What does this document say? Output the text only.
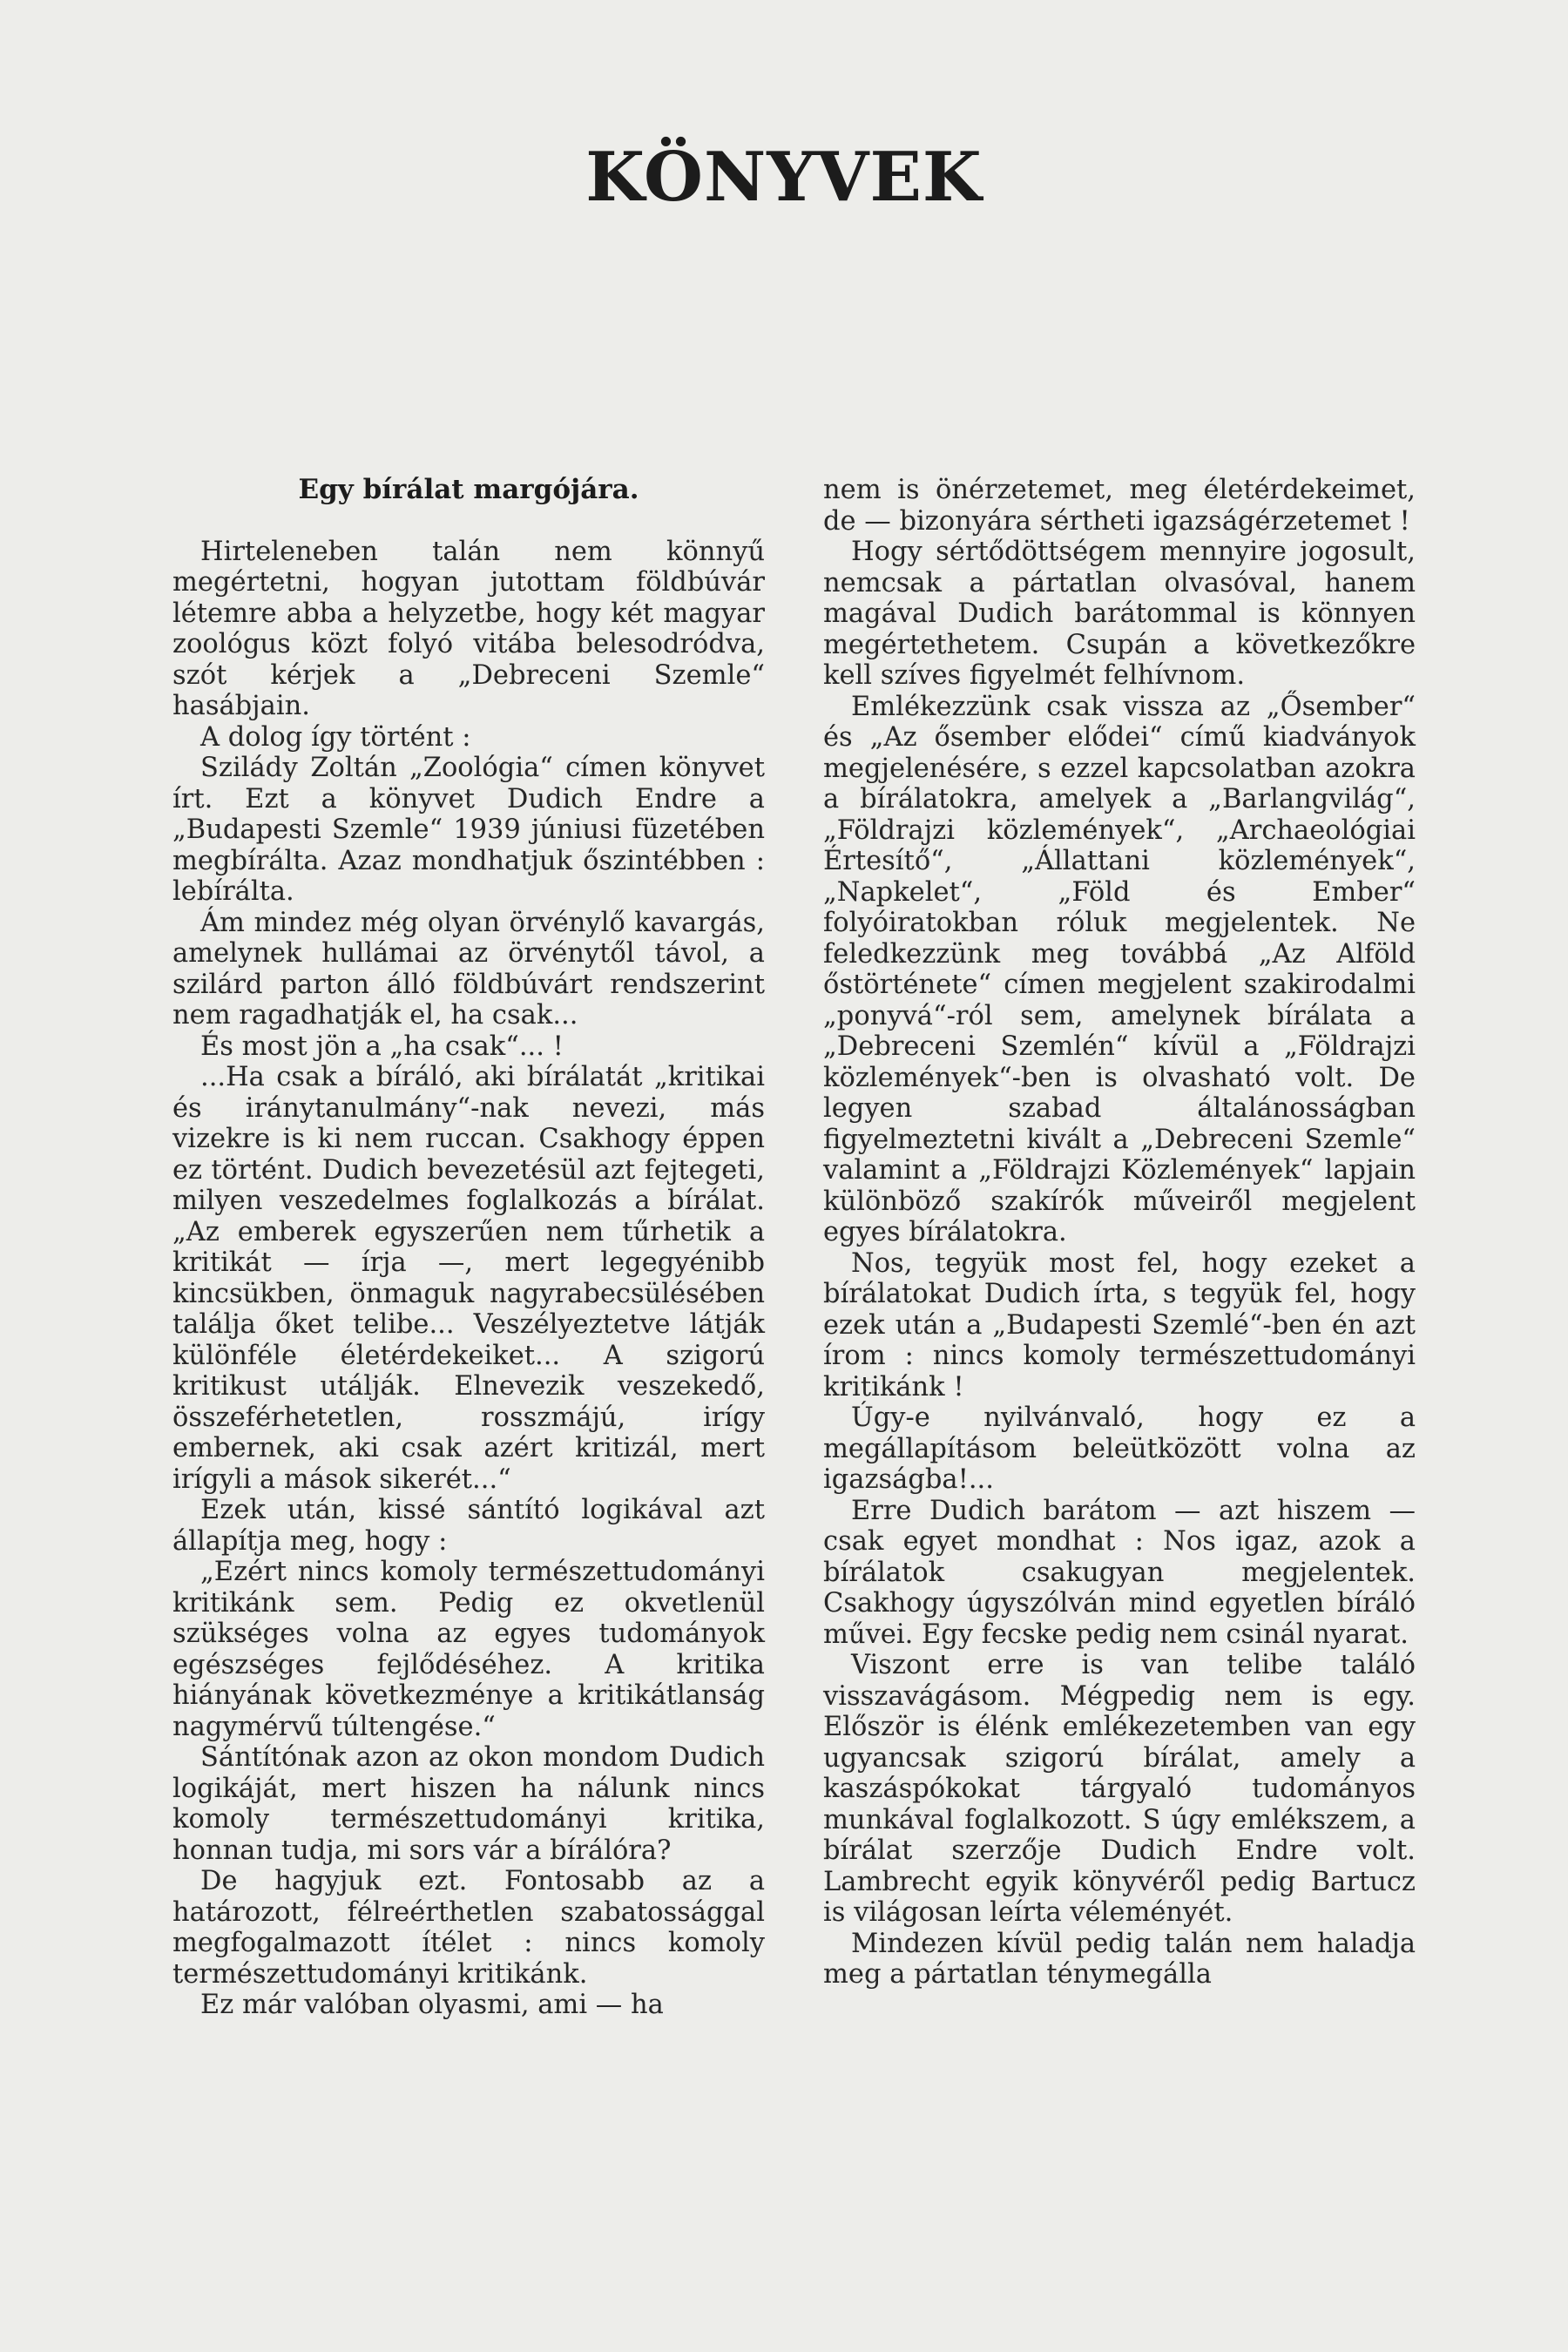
KÖNYVEK
Egy bírálat margójára.

Hirteleneben talán nem könnyű megértetni, hogyan jutottam földbúvár létemre abba a helyzetbe, hogy két magyar zoológus közt folyó vitába belesodródva, szót kérjek a „Debreceni Szemle“ hasábjain.

A dolog így történt :

Sziládу Zoltán „Zoológia“ címen könyvet írt. Ezt a könyvet Dudich Endre a „Budapesti Szemle“ 1939 júniusi füzetében megbírálta. Azaz mondhatjuk őszintébben : lebírálta.

Ám mindez még olyan örvénylő kavargás, amelynek hullámai az örvénytől távol, a szilárd parton álló földbúvárt rendszerint nem ragadhatják el, ha csak...

És most jön a „ha csak“... !

...Ha csak a bíráló, aki bírálatát „kritikai és iránytanulmány“-nak nevezi, más vizekre is ki nem ruccan. Csakhogy éppen ez történt. Dudich bevezetésül azt fejtegeti, milyen veszedelmes foglalkozás a bírálat. „Az emberek egyszerűen nem tűrhetik a kritikát — írja —, mert legegyénibb kincsükben, önmaguk nagyrabecsülésében találja őket telibe... Veszélyeztetve látják különféle életérdekeiket... A szigorú kritikust utálják. Elnevezik veszekedő, összeférhetetlen, rosszmájú, irígy embernek, aki csak azért kritizál, mert irígyli a mások sikerét...“

Ezek után, kissé sántító logikával azt állapítja meg, hogy :

„Ezért nincs komoly természettudományi kritikánk sem. Pedig ez okvetlenül szükséges volna az egyes tudományok egészséges fejlődéséhez. A kritika hiányának következménye a kritikátlanság nagymérvű túltengése.“

Sántítónak azon az okon mondom Dudich logikáját, mert hiszen ha nálunk nincs komoly természettudományi kritika, honnan tudja, mi sors vár a bírálóra?

De hagyjuk ezt. Fontosabb az a határozott, félreérthetlen szabatossággal megfogalmazott ítélet : nincs komoly természettudományi kritikánk.

Ez már valóban olyasmi, ami — ha

nem is önérzetemet, meg életérdekeimet, de — bizonyára sértheti igazságérzetemet !

Hogy sértődöttségem mennyire jogosult, nemcsak a pártatlan olvasóval, hanem magával Dudich barátommal is könnyen megértethetem. Csupán a következőkre kell szíves figyelmét felhívnom.

Emlékezzünk csak vissza az „Ősember“ és „Az ősember elődei“ című kiadványok megjelenésére, s ezzel kapcsolatban azokra a bírálatokra, amelyek a „Barlangvilág“, „Földrajzi közlemények“, „Archaeológiai Értesítő“, „Állattani közlemények“, „Napkelet“, „Föld és Ember“ folyóiratokban róluk megjelentek. Ne feledkezzünk meg továbbá „Az Alföld őstörténete“ címen megjelent szakirodalmi „ponyvá“-ról sem, amelynek bírálata a „Debreceni Szemlén“ kívül a „Földrajzi közlemények“-ben is olvasható volt. De legyen szabad általánosságban figyelmeztetni kivált a „Debreceni Szemle“ valamint a „Földrajzi Közlemények“ lapjain különböző szakírók műveiről megjelent egyes bírálatokra.

Nos, tegyük most fel, hogy ezeket a bírálatokat Dudich írta, s tegyük fel, hogy ezek után a „Budapesti Szemlé“-ben én azt írom : nincs komoly természettudományi kritikánk !

Úgy-e nyilvánvaló, hogy ez a megállapításom beleütközött volna az igazságba!...

Erre Dudich barátom — azt hiszem — csak egyet mondhat : Nos igaz, azok a bírálatok csakugyan megjelentek. Csakhogy úgyszólván mind egyetlen bíráló művei. Egy fecske pedig nem csinál nyarat.

Viszont erre is van telibe találó visszavágásom. Mégpedig nem is egy. Először is élénk emlékezetemben van egy ugyancsak szigorú bírálat, amely a kaszáspókokat tárgyaló tudományos munkával foglalkozott. S úgy emlékszem, a bírálat szerzője Dudich Endre volt. Lambrecht egyik könyvéről pedig Bartucz is világosan leírta véleményét.

Mindezen kívül pedig talán nem haladja meg a pártatlan ténymegálla
